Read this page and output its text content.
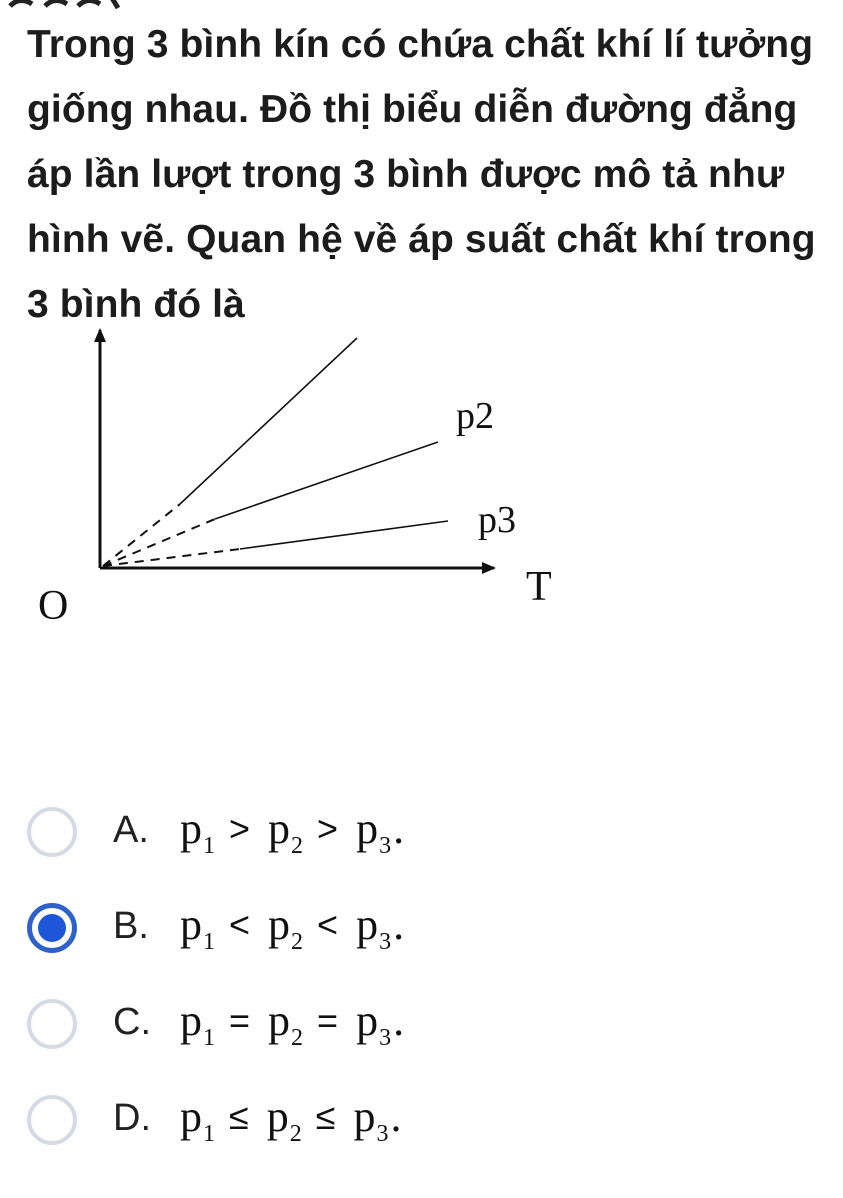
Trong 3 bình kín có chứa chất khí lí tưởng giống nhau. Đồ thị biểu diễn đường đẳng áp lần lượt trong 3 bình được mô tả như hình vẽ. Quan hệ về áp suất chất khí trong 3 bình đó là
p2
p3
T
O
A. $p_1 > p_2 > p_3$.
B. $p_1 < p_2 < p_3$.
C. $p_1 = p_2 = p_3$.
D. $p_1 \le p_2 \le p_3$.
